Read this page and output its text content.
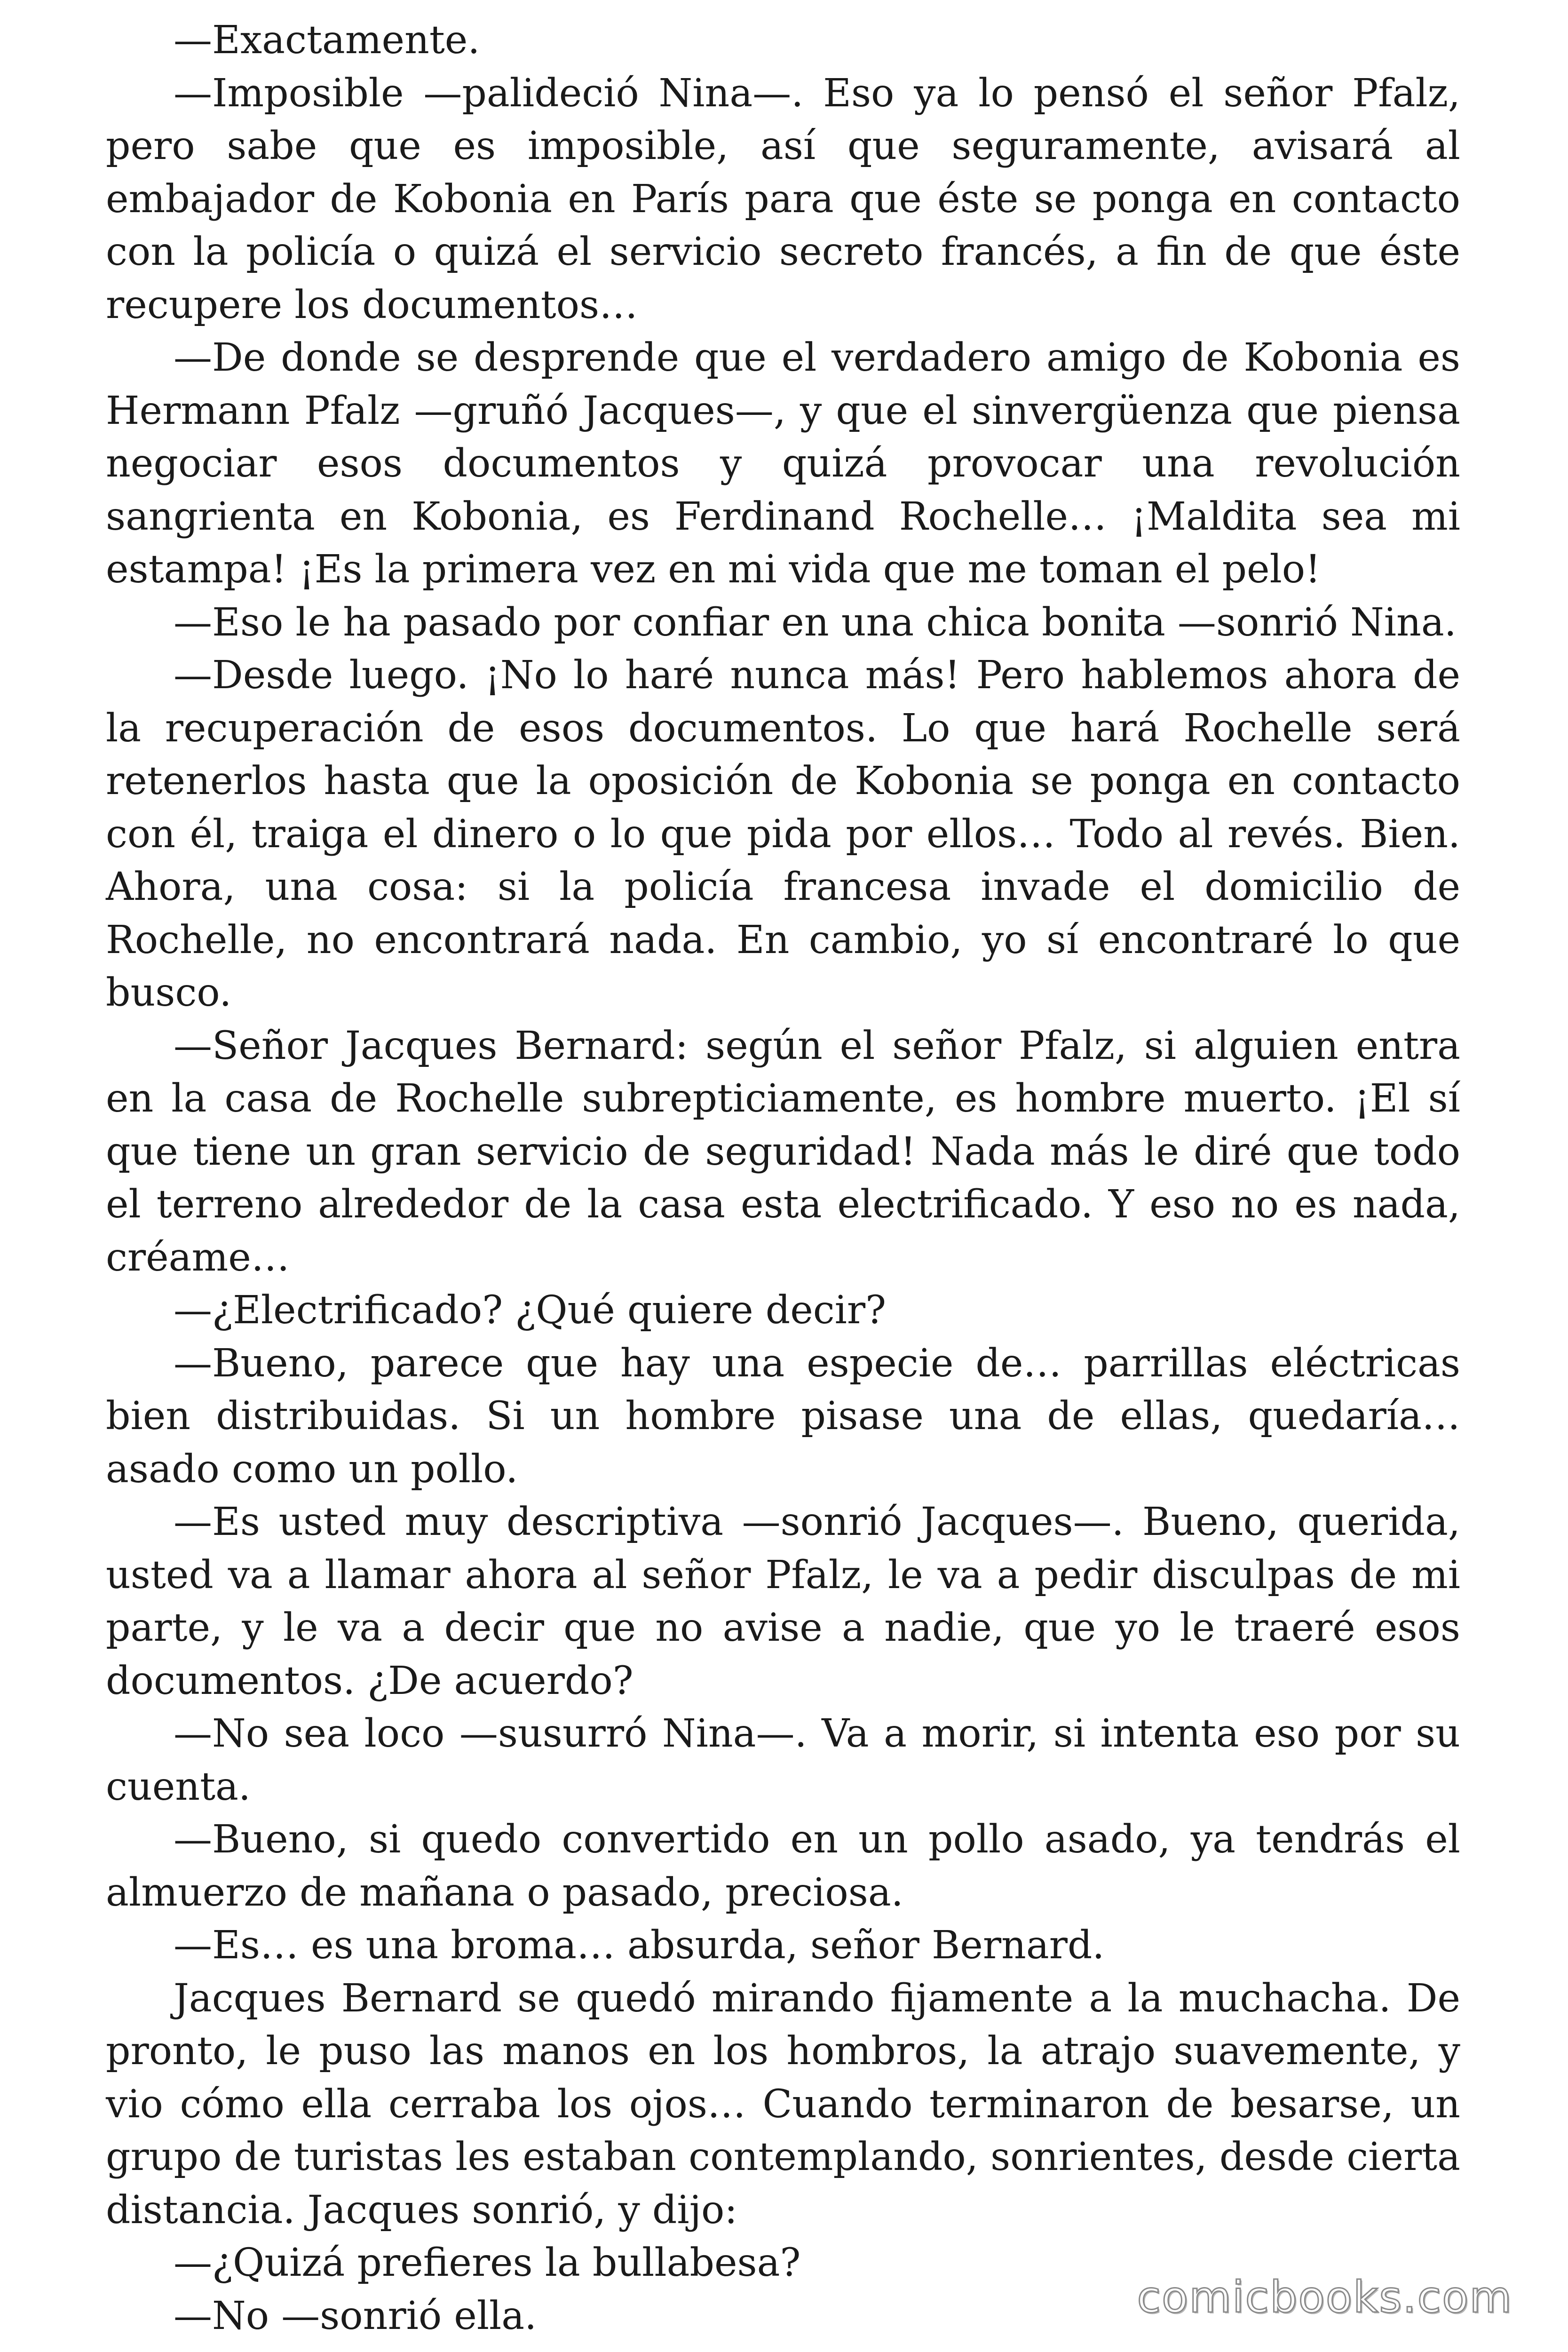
—Exactamente.

—Imposible —palideció Nina—. Eso ya lo pensó el señor Pfalz, pero sabe que es imposible, así que seguramente, avisará al embajador de Kobonia en París para que éste se ponga en contacto con la policía o quizá el servicio secreto francés, a fin de que éste recupere los documentos…

—De donde se desprende que el verdadero amigo de Kobonia es Hermann Pfalz —gruñó Jacques—, y que el sinvergüenza que piensa negociar esos documentos y quizá provocar una revolución sangrienta en Kobonia, es Ferdinand Rochelle… ¡Maldita sea mi estampa! ¡Es la primera vez en mi vida que me toman el pelo!

—Eso le ha pasado por confiar en una chica bonita —sonrió Nina.

—Desde luego. ¡No lo haré nunca más! Pero hablemos ahora de la recuperación de esos documentos. Lo que hará Rochelle será retenerlos hasta que la oposición de Kobonia se ponga en contacto con él, traiga el dinero o lo que pida por ellos… Todo al revés. Bien. Ahora, una cosa: si la policía francesa invade el domicilio de Rochelle, no encontrará nada. En cambio, yo sí encontraré lo que busco.

—Señor Jacques Bernard: según el señor Pfalz, si alguien entra en la casa de Rochelle subrepticiamente, es hombre muerto. ¡El sí que tiene un gran servicio de seguridad! Nada más le diré que todo el terreno alrededor de la casa esta electrificado. Y eso no es nada, créame…

—¿Electrificado? ¿Qué quiere decir?

—Bueno, parece que hay una especie de… parrillas eléctricas bien distribuidas. Si un hombre pisase una de ellas, quedaría… asado como un pollo.

—Es usted muy descriptiva —sonrió Jacques—. Bueno, querida, usted va a llamar ahora al señor Pfalz, le va a pedir disculpas de mi parte, y le va a decir que no avise a nadie, que yo le traeré esos documentos. ¿De acuerdo?

—No sea loco —susurró Nina—. Va a morir, si intenta eso por su cuenta.

—Bueno, si quedo convertido en un pollo asado, ya tendrás el almuerzo de mañana o pasado, preciosa.

—Es… es una broma… absurda, señor Bernard.

Jacques Bernard se quedó mirando fijamente a la muchacha. De pronto, le puso las manos en los hombros, la atrajo suavemente, y vio cómo ella cerraba los ojos… Cuando terminaron de besarse, un grupo de turistas les estaban contemplando, sonrientes, desde cierta distancia. Jacques sonrió, y dijo:

—¿Quizá prefieres la bullabesa?

—No —sonrió ella.	comicbooks.com
